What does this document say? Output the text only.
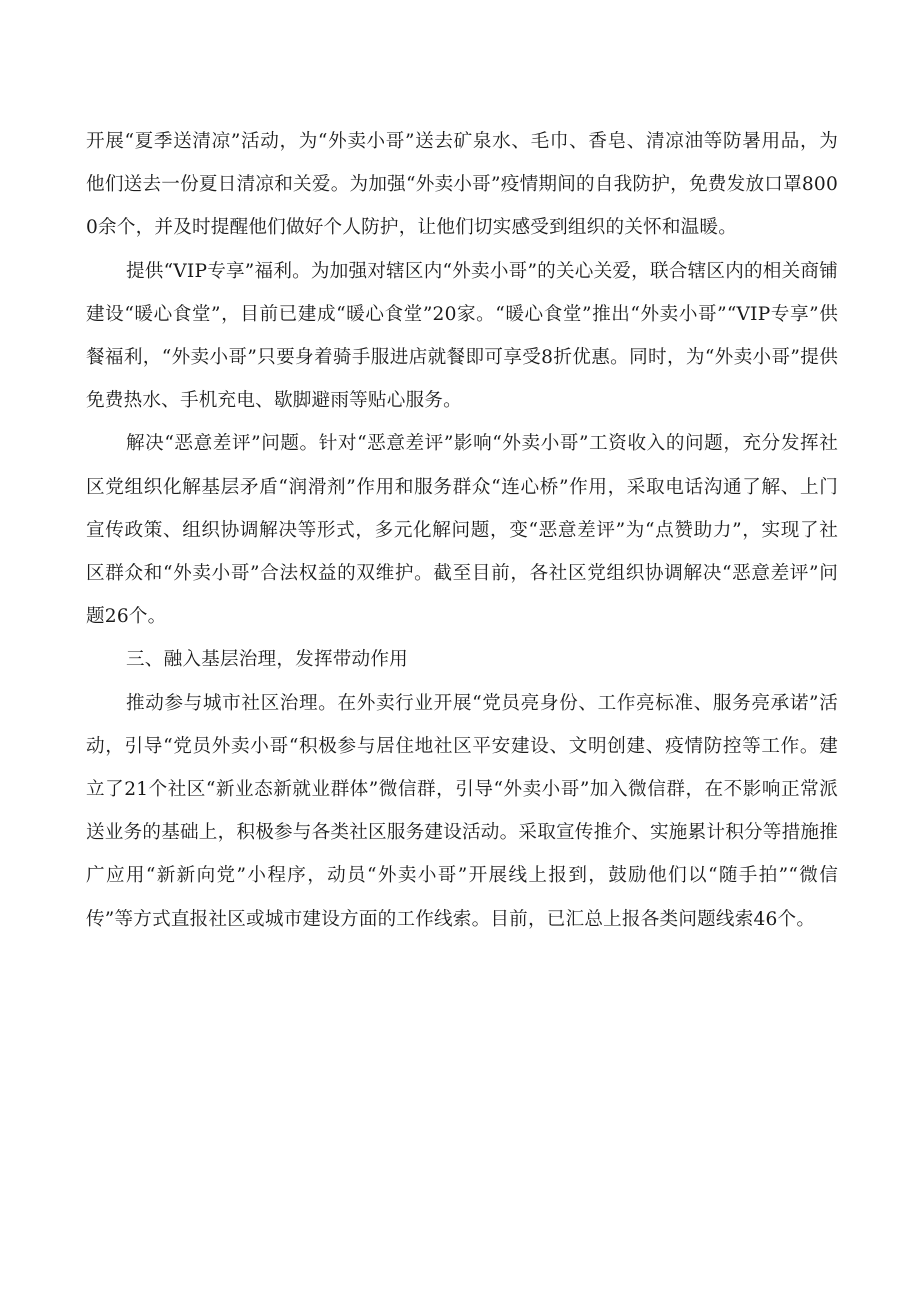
开展“夏季送清凉”活动，为“外卖小哥”送去矿泉水、毛巾、香皂、清凉油等防暑用品，为他们送去一份夏日清凉和关爱。为加强“外卖小哥”疫情期间的自我防护，免费发放口罩8000余个，并及时提醒他们做好个人防护，让他们切实感受到组织的关怀和温暖。

提供“VIP专享”福利。为加强对辖区内“外卖小哥”的关心关爱，联合辖区内的相关商铺建设“暖心食堂”，目前已建成“暖心食堂”20家。“暖心食堂”推出“外卖小哥”“VIP专享”供餐福利，“外卖小哥”只要身着骑手服进店就餐即可享受8折优惠。同时，为“外卖小哥”提供免费热水、手机充电、歇脚避雨等贴心服务。

解决“恶意差评”问题。针对“恶意差评”影响“外卖小哥”工资收入的问题，充分发挥社区党组织化解基层矛盾“润滑剂”作用和服务群众“连心桥”作用，采取电话沟通了解、上门宣传政策、组织协调解决等形式，多元化解问题，变“恶意差评”为“点赞助力”，实现了社区群众和“外卖小哥”合法权益的双维护。截至目前，各社区党组织协调解决“恶意差评”问题26个。

三、融入基层治理，发挥带动作用

推动参与城市社区治理。在外卖行业开展“党员亮身份、工作亮标准、服务亮承诺”活动，引导“党员外卖小哥“积极参与居住地社区平安建设、文明创建、疫情防控等工作。建立了21个社区“新业态新就业群体”微信群，引导“外卖小哥”加入微信群，在不影响正常派送业务的基础上，积极参与各类社区服务建设活动。采取宣传推介、实施累计积分等措施推广应用“新新向党”小程序，动员“外卖小哥”开展线上报到，鼓励他们以“随手拍”“微信传”等方式直报社区或城市建设方面的工作线索。目前，已汇总上报各类问题线索46个。
